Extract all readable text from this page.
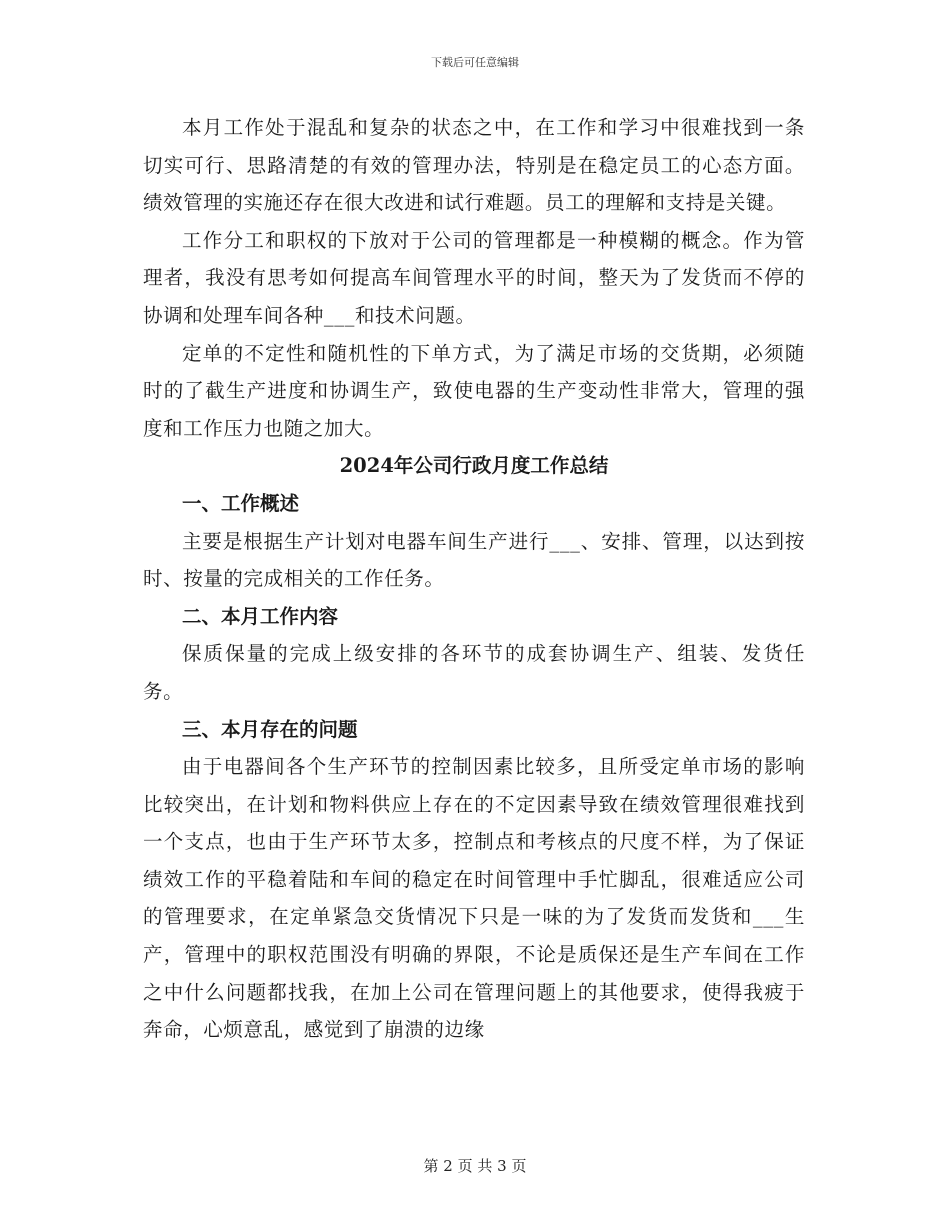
下载后可任意编辑

本月工作处于混乱和复杂的状态之中，在工作和学习中很难找到一条切实可行、思路清楚的有效的管理办法，特别是在稳定员工的心态方面。绩效管理的实施还存在很大改进和试行难题。员工的理解和支持是关键。

工作分工和职权的下放对于公司的管理都是一种模糊的概念。作为管理者，我没有思考如何提高车间管理水平的时间，整天为了发货而不停的协调和处理车间各种___和技术问题。

定单的不定性和随机性的下单方式，为了满足市场的交货期，必须随时的了截生产进度和协调生产，致使电器的生产变动性非常大，管理的强度和工作压力也随之加大。

2024年公司行政月度工作总结

一、工作概述

主要是根据生产计划对电器车间生产进行___、安排、管理，以达到按时、按量的完成相关的工作任务。

二、本月工作内容

保质保量的完成上级安排的各环节的成套协调生产、组装、发货任务。

三、本月存在的问题

由于电器间各个生产环节的控制因素比较多，且所受定单市场的影响比较突出，在计划和物料供应上存在的不定因素导致在绩效管理很难找到一个支点，也由于生产环节太多，控制点和考核点的尺度不样，为了保证绩效工作的平稳着陆和车间的稳定在时间管理中手忙脚乱，很难适应公司的管理要求，在定单紧急交货情况下只是一味的为了发货而发货和___生产，管理中的职权范围没有明确的界限，不论是质保还是生产车间在工作之中什么问题都找我，在加上公司在管理问题上的其他要求，使得我疲于奔命，心烦意乱，感觉到了崩溃的边缘

第 2 页 共 3 页
